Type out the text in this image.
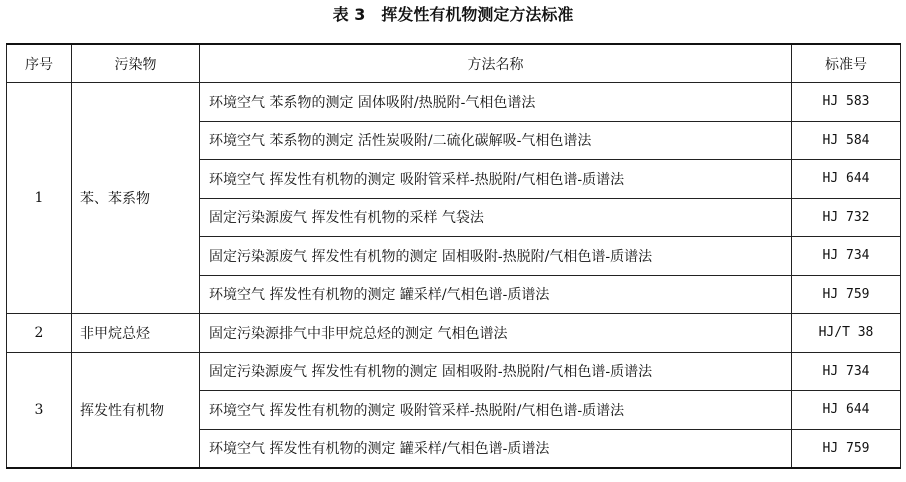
表 3　挥发性有机物测定方法标准
序号	污染物	方法名称	标准号
1	苯、苯系物	环境空气 苯系物的测定 固体吸附/热脱附-气相色谱法	HJ 583
		环境空气 苯系物的测定 活性炭吸附/二硫化碳解吸-气相色谱法	HJ 584
		环境空气 挥发性有机物的测定 吸附管采样-热脱附/气相色谱-质谱法	HJ 644
		固定污染源废气 挥发性有机物的采样 气袋法	HJ 732
		固定污染源废气 挥发性有机物的测定 固相吸附-热脱附/气相色谱-质谱法	HJ 734
		环境空气 挥发性有机物的测定 罐采样/气相色谱-质谱法	HJ 759
2	非甲烷总烃	固定污染源排气中非甲烷总烃的测定 气相色谱法	HJ/T 38
3	挥发性有机物	固定污染源废气 挥发性有机物的测定 固相吸附-热脱附/气相色谱-质谱法	HJ 734
		环境空气 挥发性有机物的测定 吸附管采样-热脱附/气相色谱-质谱法	HJ 644
		环境空气 挥发性有机物的测定 罐采样/气相色谱-质谱法	HJ 759
